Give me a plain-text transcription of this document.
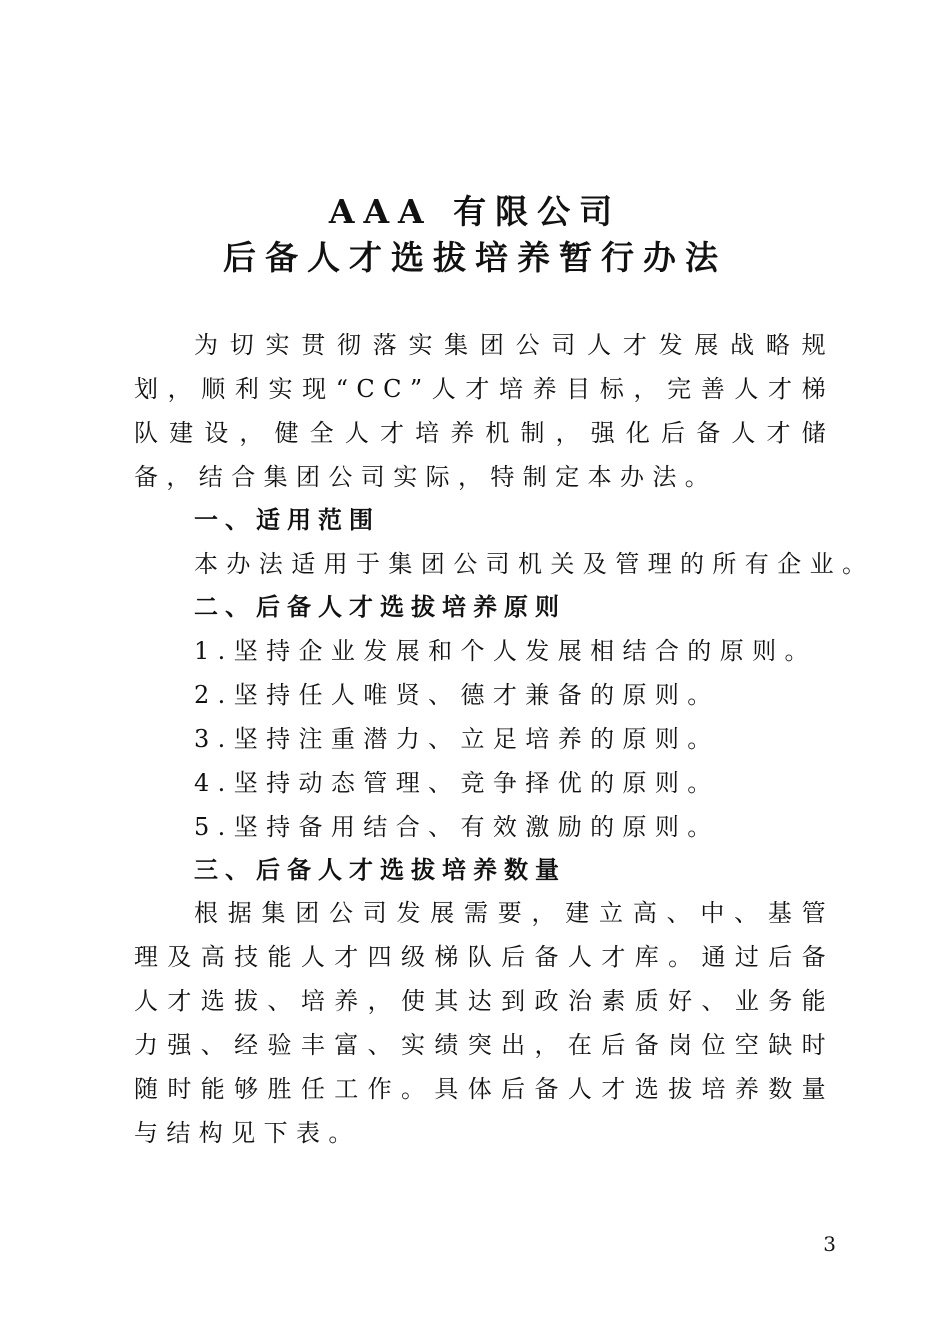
AAA 有限公司
后备人才选拔培养暂行办法

为切实贯彻落实集团公司人才发展战略规划，顺利实现“CC”人才培养目标，完善人才梯队建设，健全人才培养机制，强化后备人才储备，结合集团公司实际，特制定本办法。

一、适用范围
本办法适用于集团公司机关及管理的所有企业。
二、后备人才选拔培养原则
1.坚持企业发展和个人发展相结合的原则。
2.坚持任人唯贤、德才兼备的原则。
3.坚持注重潜力、立足培养的原则。
4.坚持动态管理、竞争择优的原则。
5.坚持备用结合、有效激励的原则。
三、后备人才选拔培养数量

根据集团公司发展需要，建立高、中、基管理及高技能人才四级梯队后备人才库。通过后备人才选拔、培养，使其达到政治素质好、业务能力强、经验丰富、实绩突出，在后备岗位空缺时随时能够胜任工作。具体后备人才选拔培养数量与结构见下表。

3
